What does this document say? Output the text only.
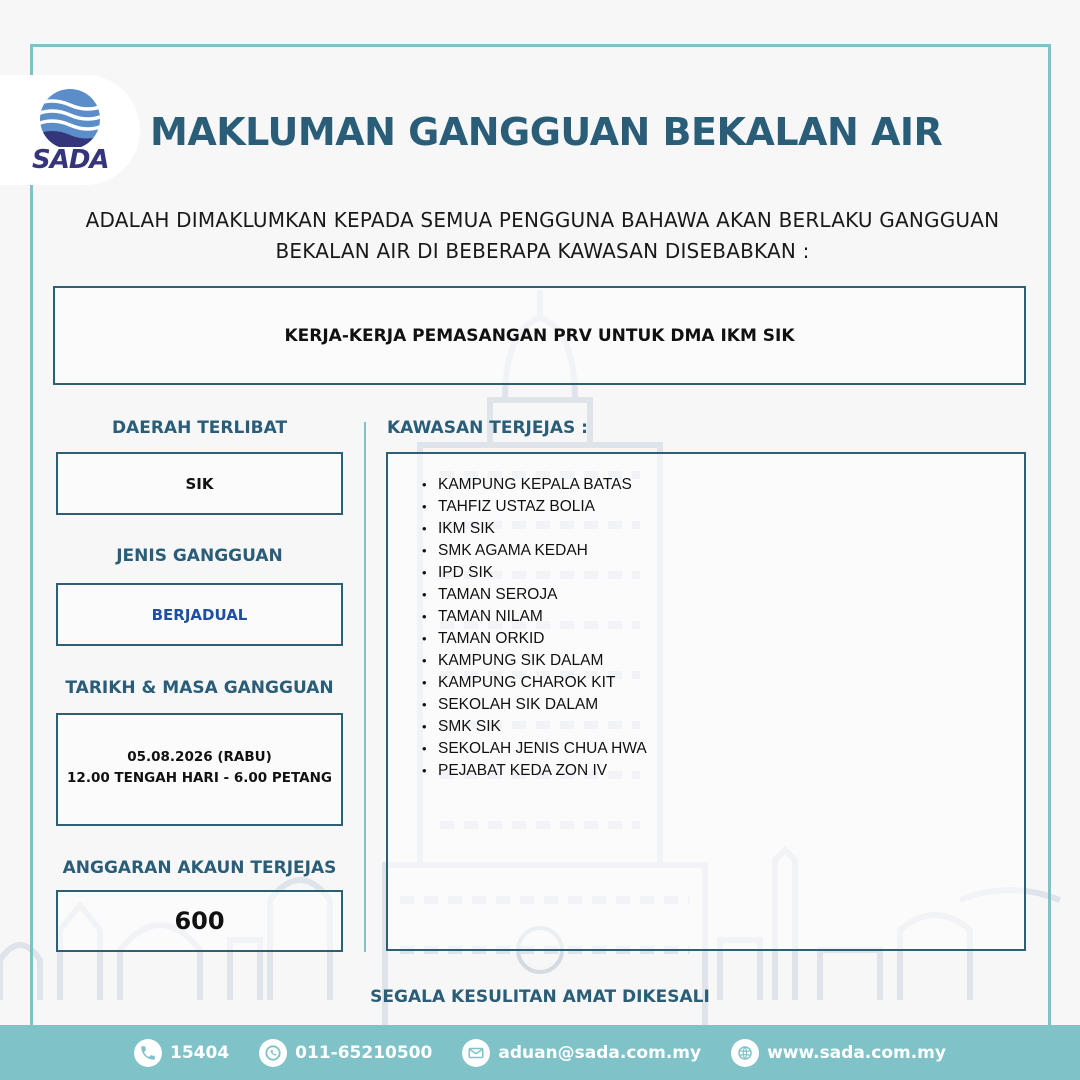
SADA
MAKLUMAN GANGGUAN BEKALAN AIR

ADALAH DIMAKLUMKAN KEPADA SEMUA PENGGUNA BAHAWA AKAN BERLAKU GANGGUAN BEKALAN AIR DI BEBERAPA KAWASAN DISEBABKAN :

KERJA-KERJA PEMASANGAN PRV UNTUK DMA IKM SIK
DAERAH TERLIBAT
SIK
JENIS GANGGUAN
BERJADUAL
TARIKH & MASA GANGGUAN
05.08.2026 (RABU)
12.00 TENGAH HARI - 6.00 PETANG
ANGGARAN AKAUN TERJEJAS
600
KAWASAN TERJEJAS :
• KAMPUNG KEPALA BATAS
• TAHFIZ USTAZ BOLIA
• IKM SIK
• SMK AGAMA KEDAH
• IPD SIK
• TAMAN SEROJA
• TAMAN NILAM
• TAMAN ORKID
• KAMPUNG SIK DALAM
• KAMPUNG CHAROK KIT
• SEKOLAH SIK DALAM
• SMK SIK
• SEKOLAH JENIS CHUA HWA
• PEJABAT KEDA ZON IV
SEGALA KESULITAN AMAT DIKESALI
15404	011-65210500	aduan@sada.com.my	www.sada.com.my
